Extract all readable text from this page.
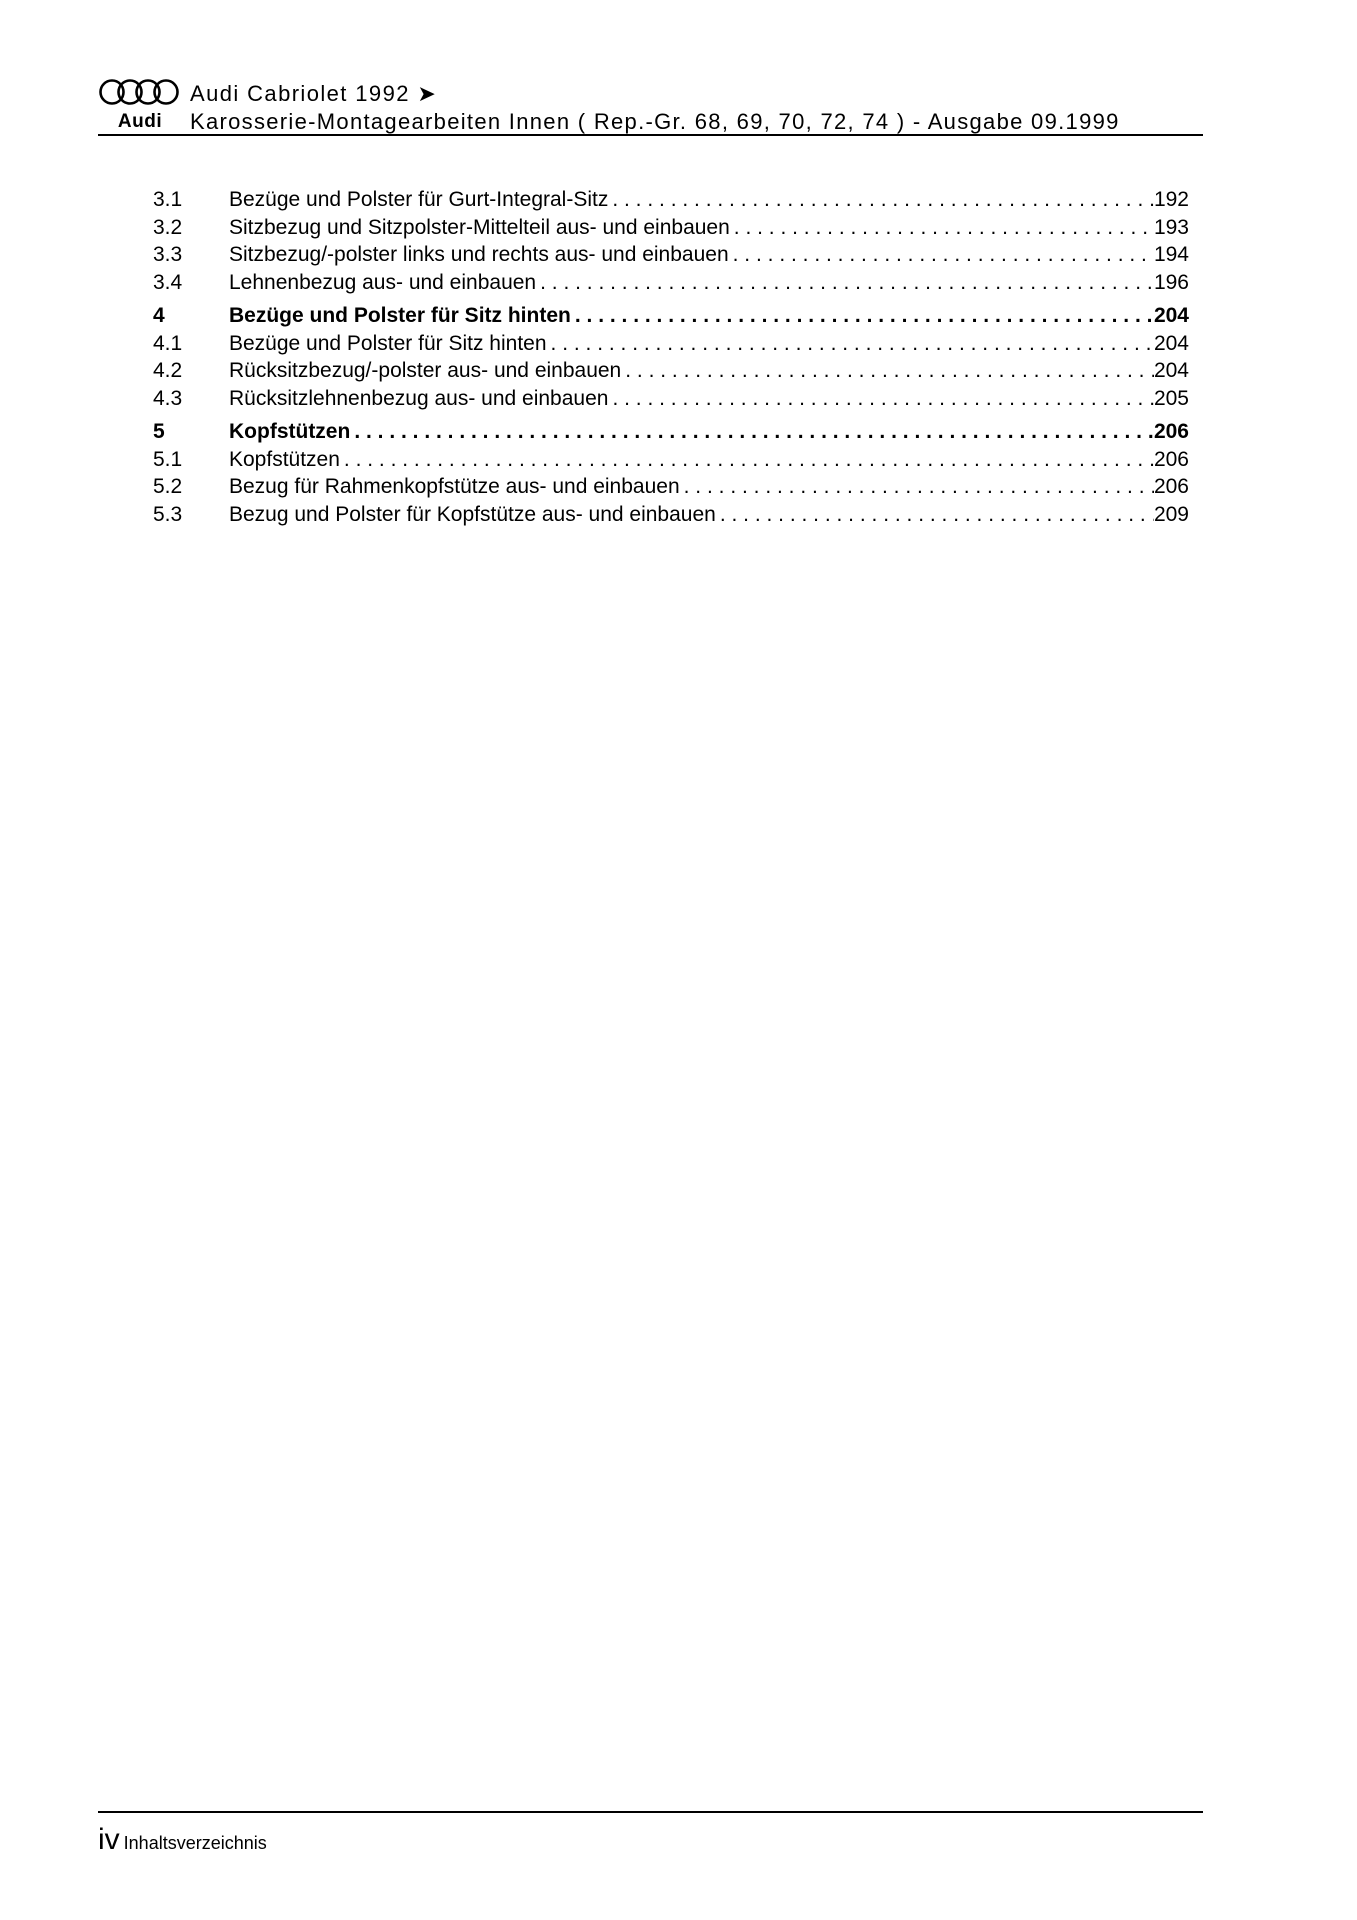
Audi
Audi Cabriolet 1992 ➤
Karosserie-Montagearbeiten Innen ( Rep.-Gr. 68, 69, 70, 72, 74 ) - Ausgabe 09.1999
3.1 Bezüge und Polster für Gurt-Integral-Sitz . . .	192
3.2 Sitzbezug und Sitzpolster-Mittelteil aus- und einbauen . . .	193
3.3 Sitzbezug/-polster links und rechts aus- und einbauen . . .	194
3.4 Lehnenbezug aus- und einbauen . . .	196
4	Bezüge und Polster für Sitz hinten . . .	204
4.1 Bezüge und Polster für Sitz hinten . . .	204
4.2 Rücksitzbezug/-polster aus- und einbauen . . .	204
4.3 Rücksitzlehnenbezug aus- und einbauen . . .	205
5	Kopfstützen . . .	206
5.1 Kopfstützen . . .	206
5.2 Bezug für Rahmenkopfstütze aus- und einbauen . . .	206
5.3 Bezug und Polster für Kopfstütze aus- und einbauen . . .	209
iv Inhaltsverzeichnis
